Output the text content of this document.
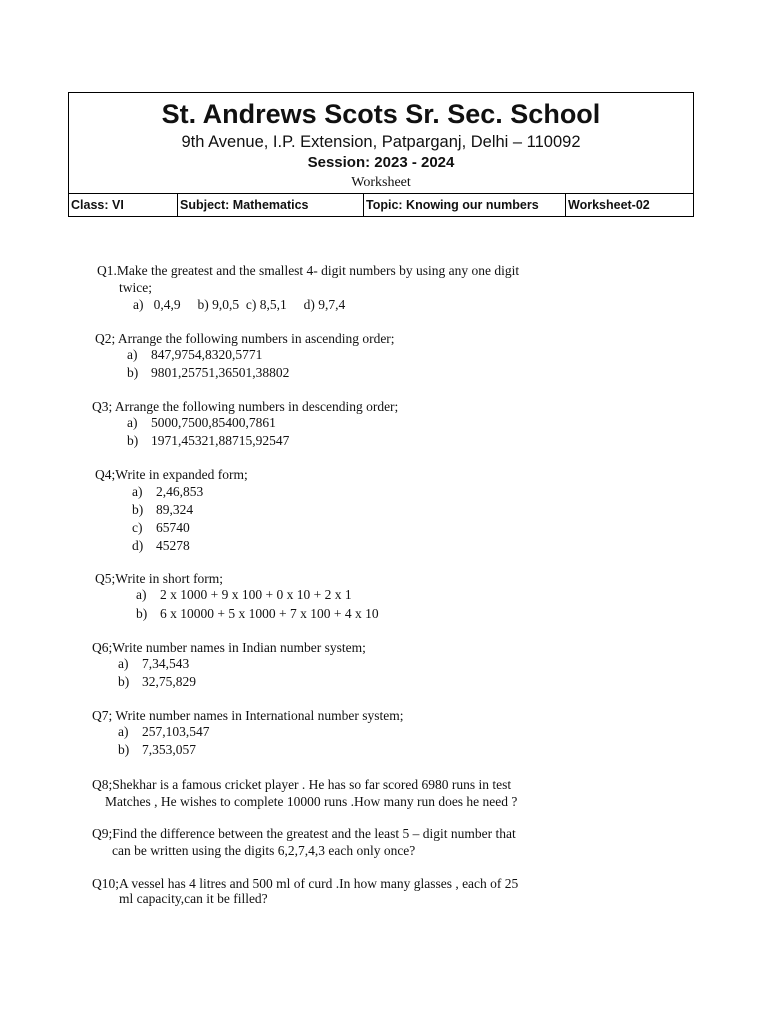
St. Andrews Scots Sr. Sec. School
9th Avenue, I.P. Extension, Patparganj, Delhi – 110092
Session: 2023 - 2024
Worksheet
Class: VI	Subject: Mathematics	Topic: Knowing our numbers	Worksheet-02
Q1.Make the greatest and the smallest 4- digit numbers by using any one digit
twice;
a)   0,4,9     b) 9,0,5  c) 8,5,1     d) 9,7,4
Q2; Arrange the following numbers in ascending order;
a) 847,9754,8320,5771
b) 9801,25751,36501,38802
Q3; Arrange the following numbers in descending order;
a) 5000,7500,85400,7861
b) 1971,45321,88715,92547
Q4;Write in expanded form;
a) 2,46,853
b) 89,324
c) 65740
d) 45278
Q5;Write in short form;
a) 2 x 1000 + 9 x 100 + 0 x 10 + 2 x 1
b) 6 x 10000 + 5 x 1000 + 7 x 100 + 4 x 10
Q6;Write number names in Indian number system;
a) 7,34,543
b) 32,75,829
Q7; Write number names in International number system;
a) 257,103,547
b) 7,353,057
Q8;Shekhar is a famous cricket player . He has so far scored 6980 runs in test
Matches , He wishes to complete 10000 runs .How many run does he need ?
Q9;Find the difference between the greatest and the least 5 – digit number that
can be written using the digits 6,2,7,4,3 each only once?
Q10;A vessel has 4 litres and 500 ml of curd .In how many glasses , each of 25
ml capacity,can it be filled?
